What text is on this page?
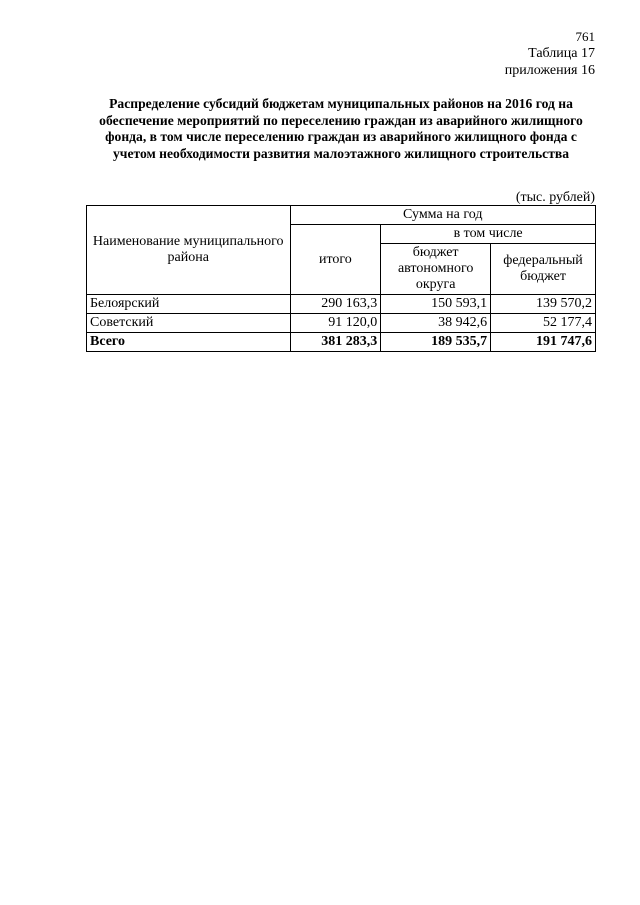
761
Таблица 17
приложения 16
Распределение субсидий бюджетам муниципальных районов на 2016 год на обеспечение мероприятий по переселению граждан из аварийного жилищного фонда, в том числе переселению граждан из аварийного жилищного фонда с учетом необходимости развития малоэтажного жилищного строительства
(тыс. рублей)
Наименование муниципального района	Сумма на год		
	итого	в том числе	
		бюджет автономного округа	федеральный бюджет
Белоярский	290 163,3	150 593,1	139 570,2
Советский	91 120,0	38 942,6	52 177,4
Всего	381 283,3	189 535,7	191 747,6
